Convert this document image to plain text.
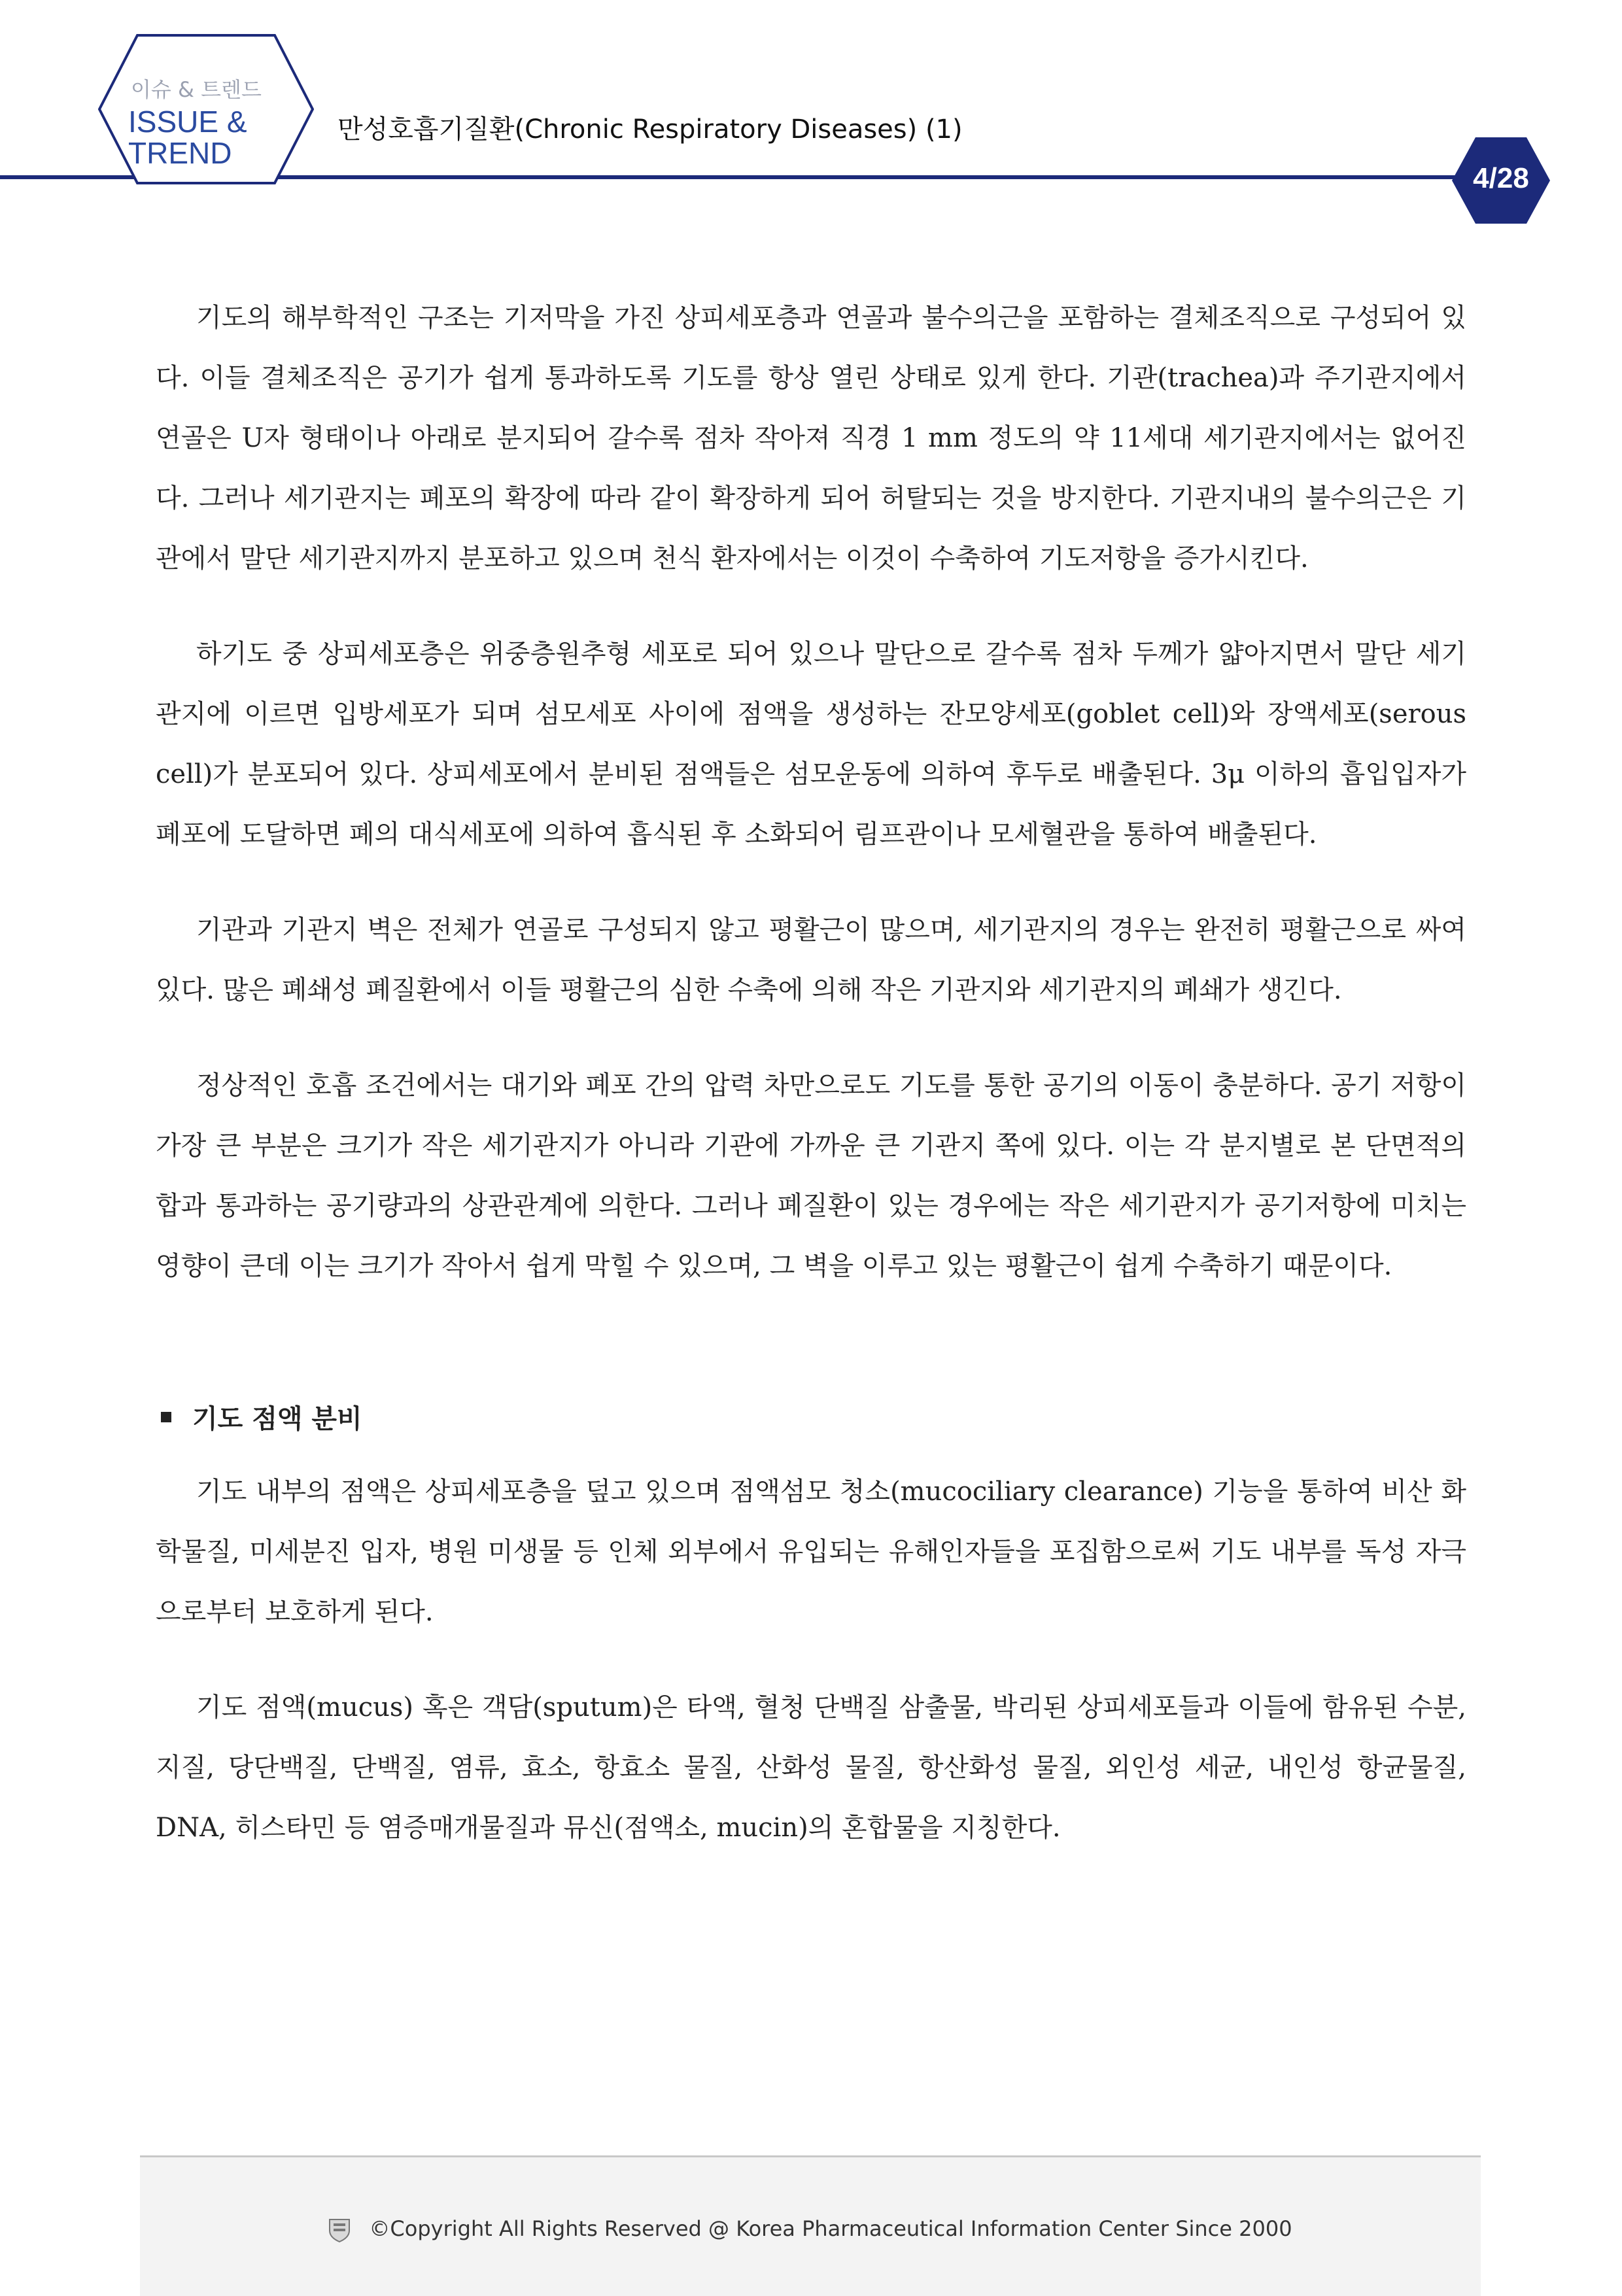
이슈 & 트렌드
ISSUE &
TREND
만성호흡기질환(Chronic Respiratory Diseases) (1)
4/28

기도의 해부학적인 구조는 기저막을 가진 상피세포층과 연골과 불수의근을 포함하는 결체조직으로 구성되어 있다. 이들 결체조직은 공기가 쉽게 통과하도록 기도를 항상 열린 상태로 있게 한다. 기관(trachea)과 주기관지에서 연골은 U자 형태이나 아래로 분지되어 갈수록 점차 작아져 직경 1 mm 정도의 약 11세대 세기관지에서는 없어진다. 그러나 세기관지는 폐포의 확장에 따라 같이 확장하게 되어 허탈되는 것을 방지한다. 기관지내의 불수의근은 기관에서 말단 세기관지까지 분포하고 있으며 천식 환자에서는 이것이 수축하여 기도저항을 증가시킨다.

하기도 중 상피세포층은 위중층원추형 세포로 되어 있으나 말단으로 갈수록 점차 두께가 얇아지면서 말단 세기관지에 이르면 입방세포가 되며 섬모세포 사이에 점액을 생성하는 잔모양세포(goblet cell)와 장액세포(serous cell)가 분포되어 있다. 상피세포에서 분비된 점액들은 섬모운동에 의하여 후두로 배출된다. 3μ 이하의 흡입입자가 폐포에 도달하면 폐의 대식세포에 의하여 흡식된 후 소화되어 림프관이나 모세혈관을 통하여 배출된다.

기관과 기관지 벽은 전체가 연골로 구성되지 않고 평활근이 많으며, 세기관지의 경우는 완전히 평활근으로 싸여 있다. 많은 폐쇄성 폐질환에서 이들 평활근의 심한 수축에 의해 작은 기관지와 세기관지의 폐쇄가 생긴다.

정상적인 호흡 조건에서는 대기와 폐포 간의 압력 차만으로도 기도를 통한 공기의 이동이 충분하다. 공기 저항이 가장 큰 부분은 크기가 작은 세기관지가 아니라 기관에 가까운 큰 기관지 쪽에 있다. 이는 각 분지별로 본 단면적의 합과 통과하는 공기량과의 상관관계에 의한다. 그러나 폐질환이 있는 경우에는 작은 세기관지가 공기저항에 미치는 영향이 큰데 이는 크기가 작아서 쉽게 막힐 수 있으며, 그 벽을 이루고 있는 평활근이 쉽게 수축하기 때문이다.

기도 점액 분비

기도 내부의 점액은 상피세포층을 덮고 있으며 점액섬모 청소(mucociliary clearance) 기능을 통하여 비산 화학물질, 미세분진 입자, 병원 미생물 등 인체 외부에서 유입되는 유해인자들을 포집함으로써 기도 내부를 독성 자극으로부터 보호하게 된다.

기도 점액(mucus) 혹은 객담(sputum)은 타액, 혈청 단백질 삼출물, 박리된 상피세포들과 이들에 함유된 수분, 지질, 당단백질, 단백질, 염류, 효소, 항효소 물질, 산화성 물질, 항산화성 물질, 외인성 세균, 내인성 항균물질, DNA, 히스타민 등 염증매개물질과 뮤신(점액소, mucin)의 혼합물을 지칭한다.

©Copyright All Rights Reserved @ Korea Pharmaceutical Information Center Since 2000
